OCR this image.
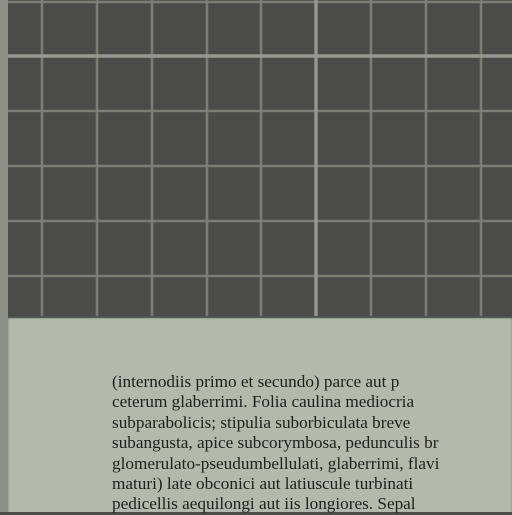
(internodiis primo et secundo) parce aut p
ceterum glaberrimi. Folia caulina mediocria
subparabolicis; stipulia suborbiculata breve
subangusta, apice subcorymbosa, pedunculis br
glomerulato-pseudumbellulati, glaberrimi, flavi
maturi) late obconici aut latiuscule turbinati
pedicellis aequilongi aut iis longiores. Sepal
